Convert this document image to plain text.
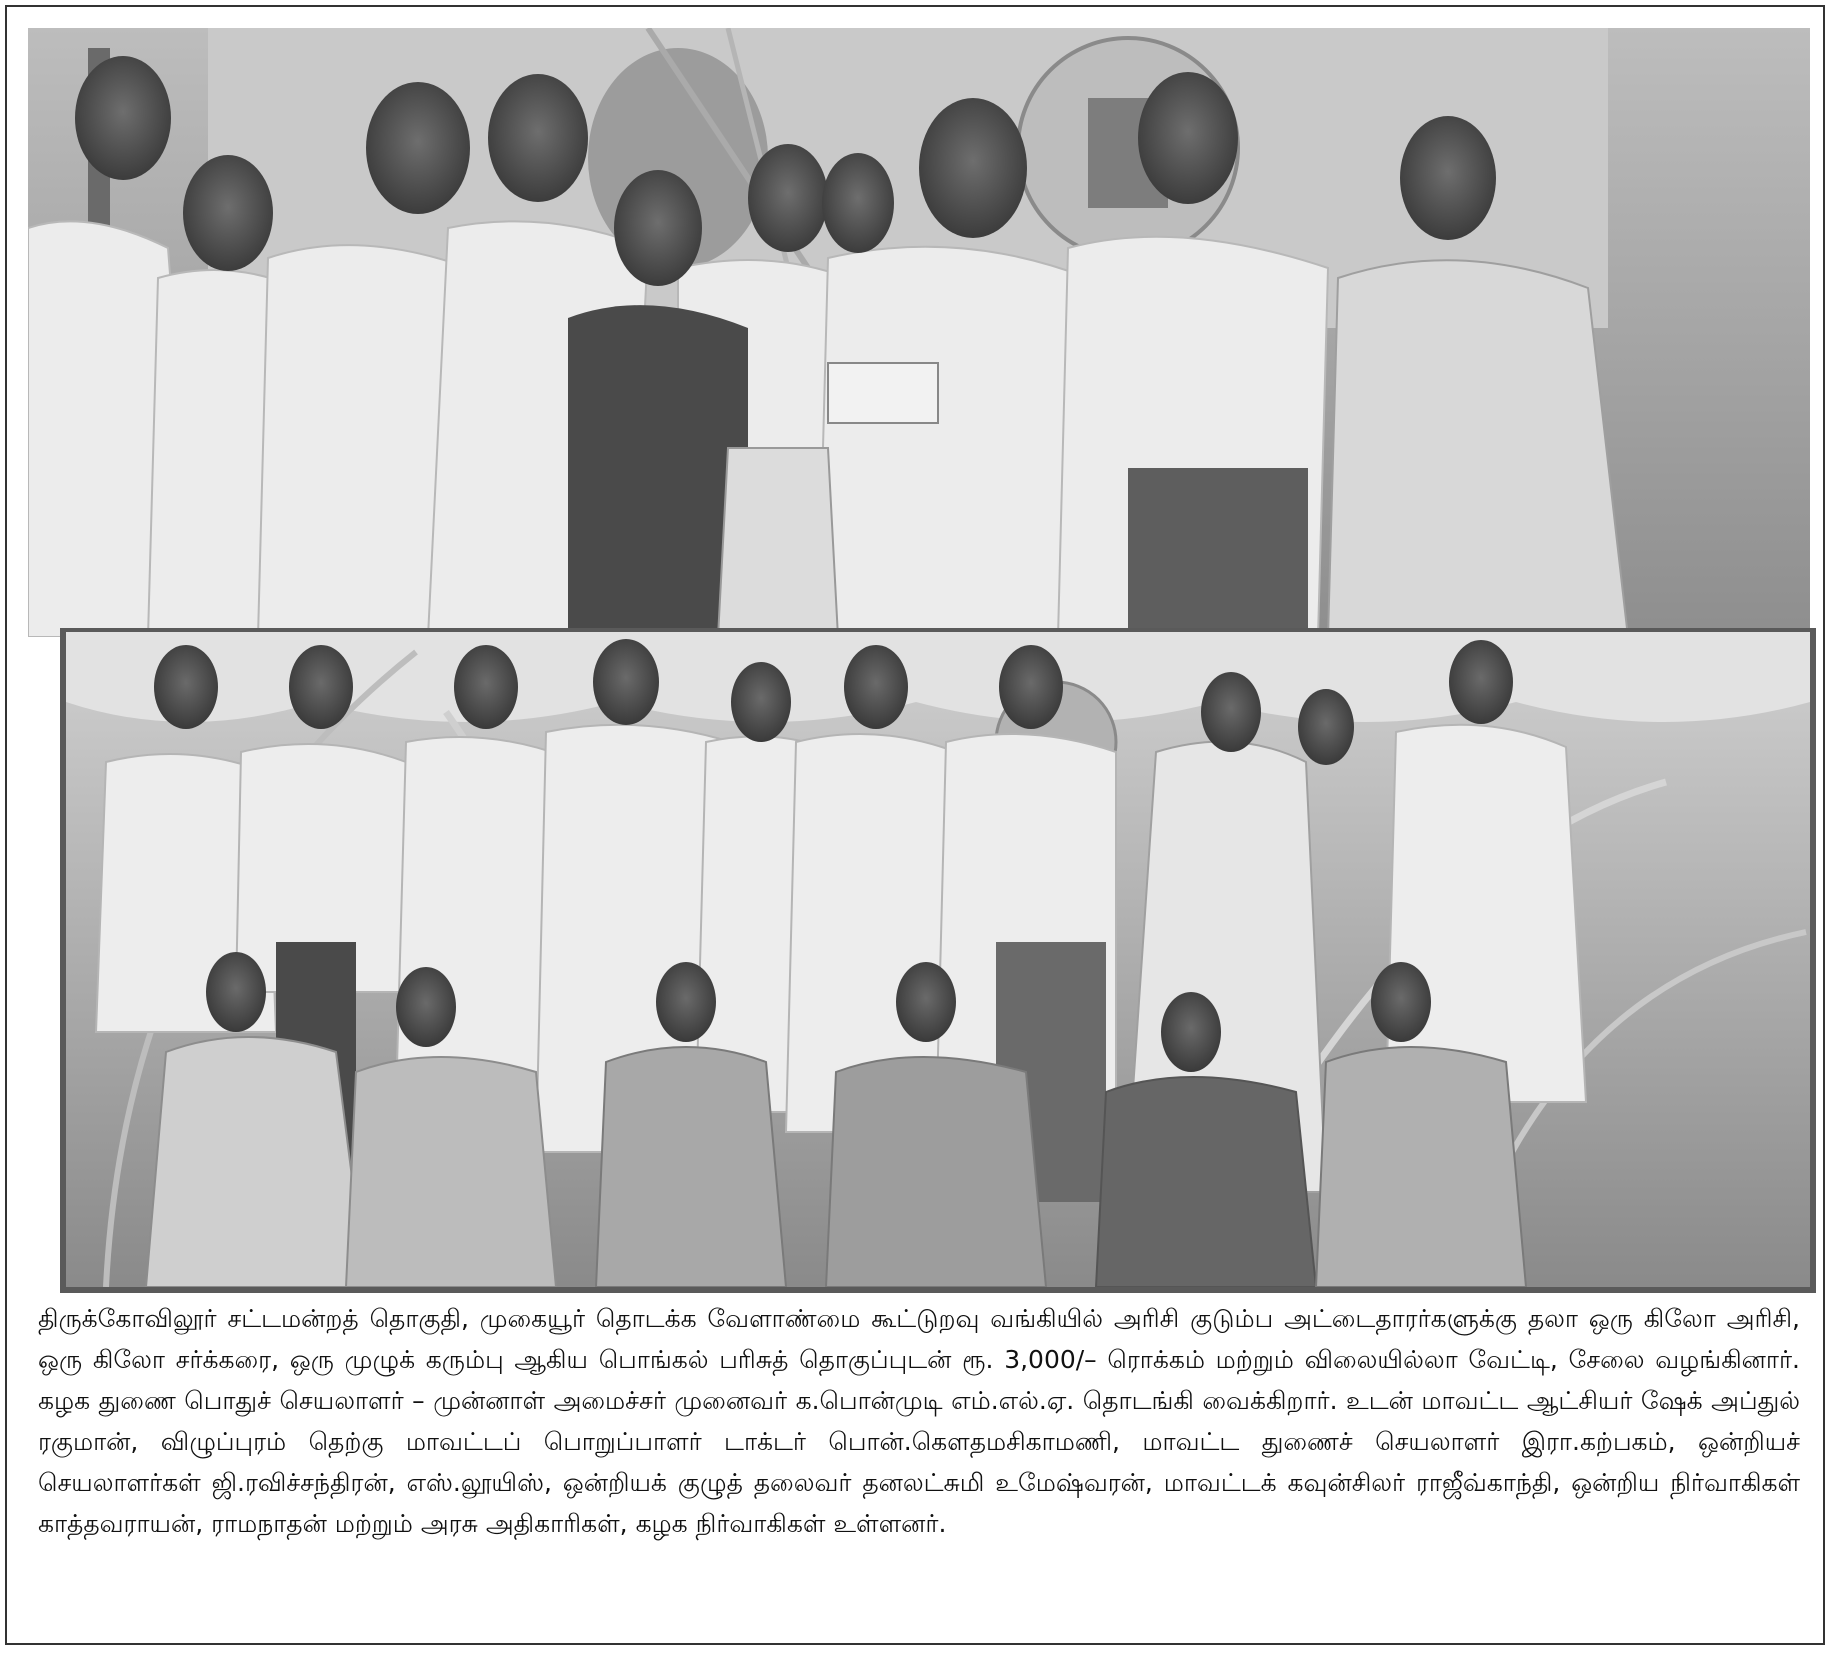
திருக்கோவிலூர் சட்டமன்றத் தொகுதி, முகையூர் தொடக்க வேளாண்மை கூட்டுறவு வங்கியில் அரிசி குடும்ப அட்டைதாரர்களுக்கு தலா ஒரு கிலோ அரிசி, ஒரு கிலோ சர்க்கரை, ஒரு முழுக் கரும்பு ஆகிய பொங்கல் பரிசுத் தொகுப்புடன் ரூ. 3,000/– ரொக்கம் மற்றும் விலையில்லா வேட்டி, சேலை வழங்கினார். கழக துணை பொதுச் செயலாளர் – முன்னாள் அமைச்சர் முனைவர் க.பொன்முடி எம்.எல்.ஏ. தொடங்கி வைக்கிறார். உடன் மாவட்ட ஆட்சியர் ஷேக் அப்துல் ரகுமான், விழுப்புரம் தெற்கு மாவட்டப் பொறுப்பாளர் டாக்டர் பொன்.கௌதமசிகாமணி, மாவட்ட துணைச் செயலாளர் இரா.கற்பகம், ஒன்றியச் செயலாளர்கள் ஜி.ரவிச்சந்திரன், எஸ்.லூயிஸ், ஒன்றியக் குழுத் தலைவர் தனலட்சுமி உமேஷ்வரன், மாவட்டக் கவுன்சிலர் ராஜீவ்காந்தி, ஒன்றிய நிர்வாகிகள் காத்தவராயன், ராமநாதன் மற்றும் அரசு அதிகாரிகள், கழக நிர்வாகிகள் உள்ளனர்.
